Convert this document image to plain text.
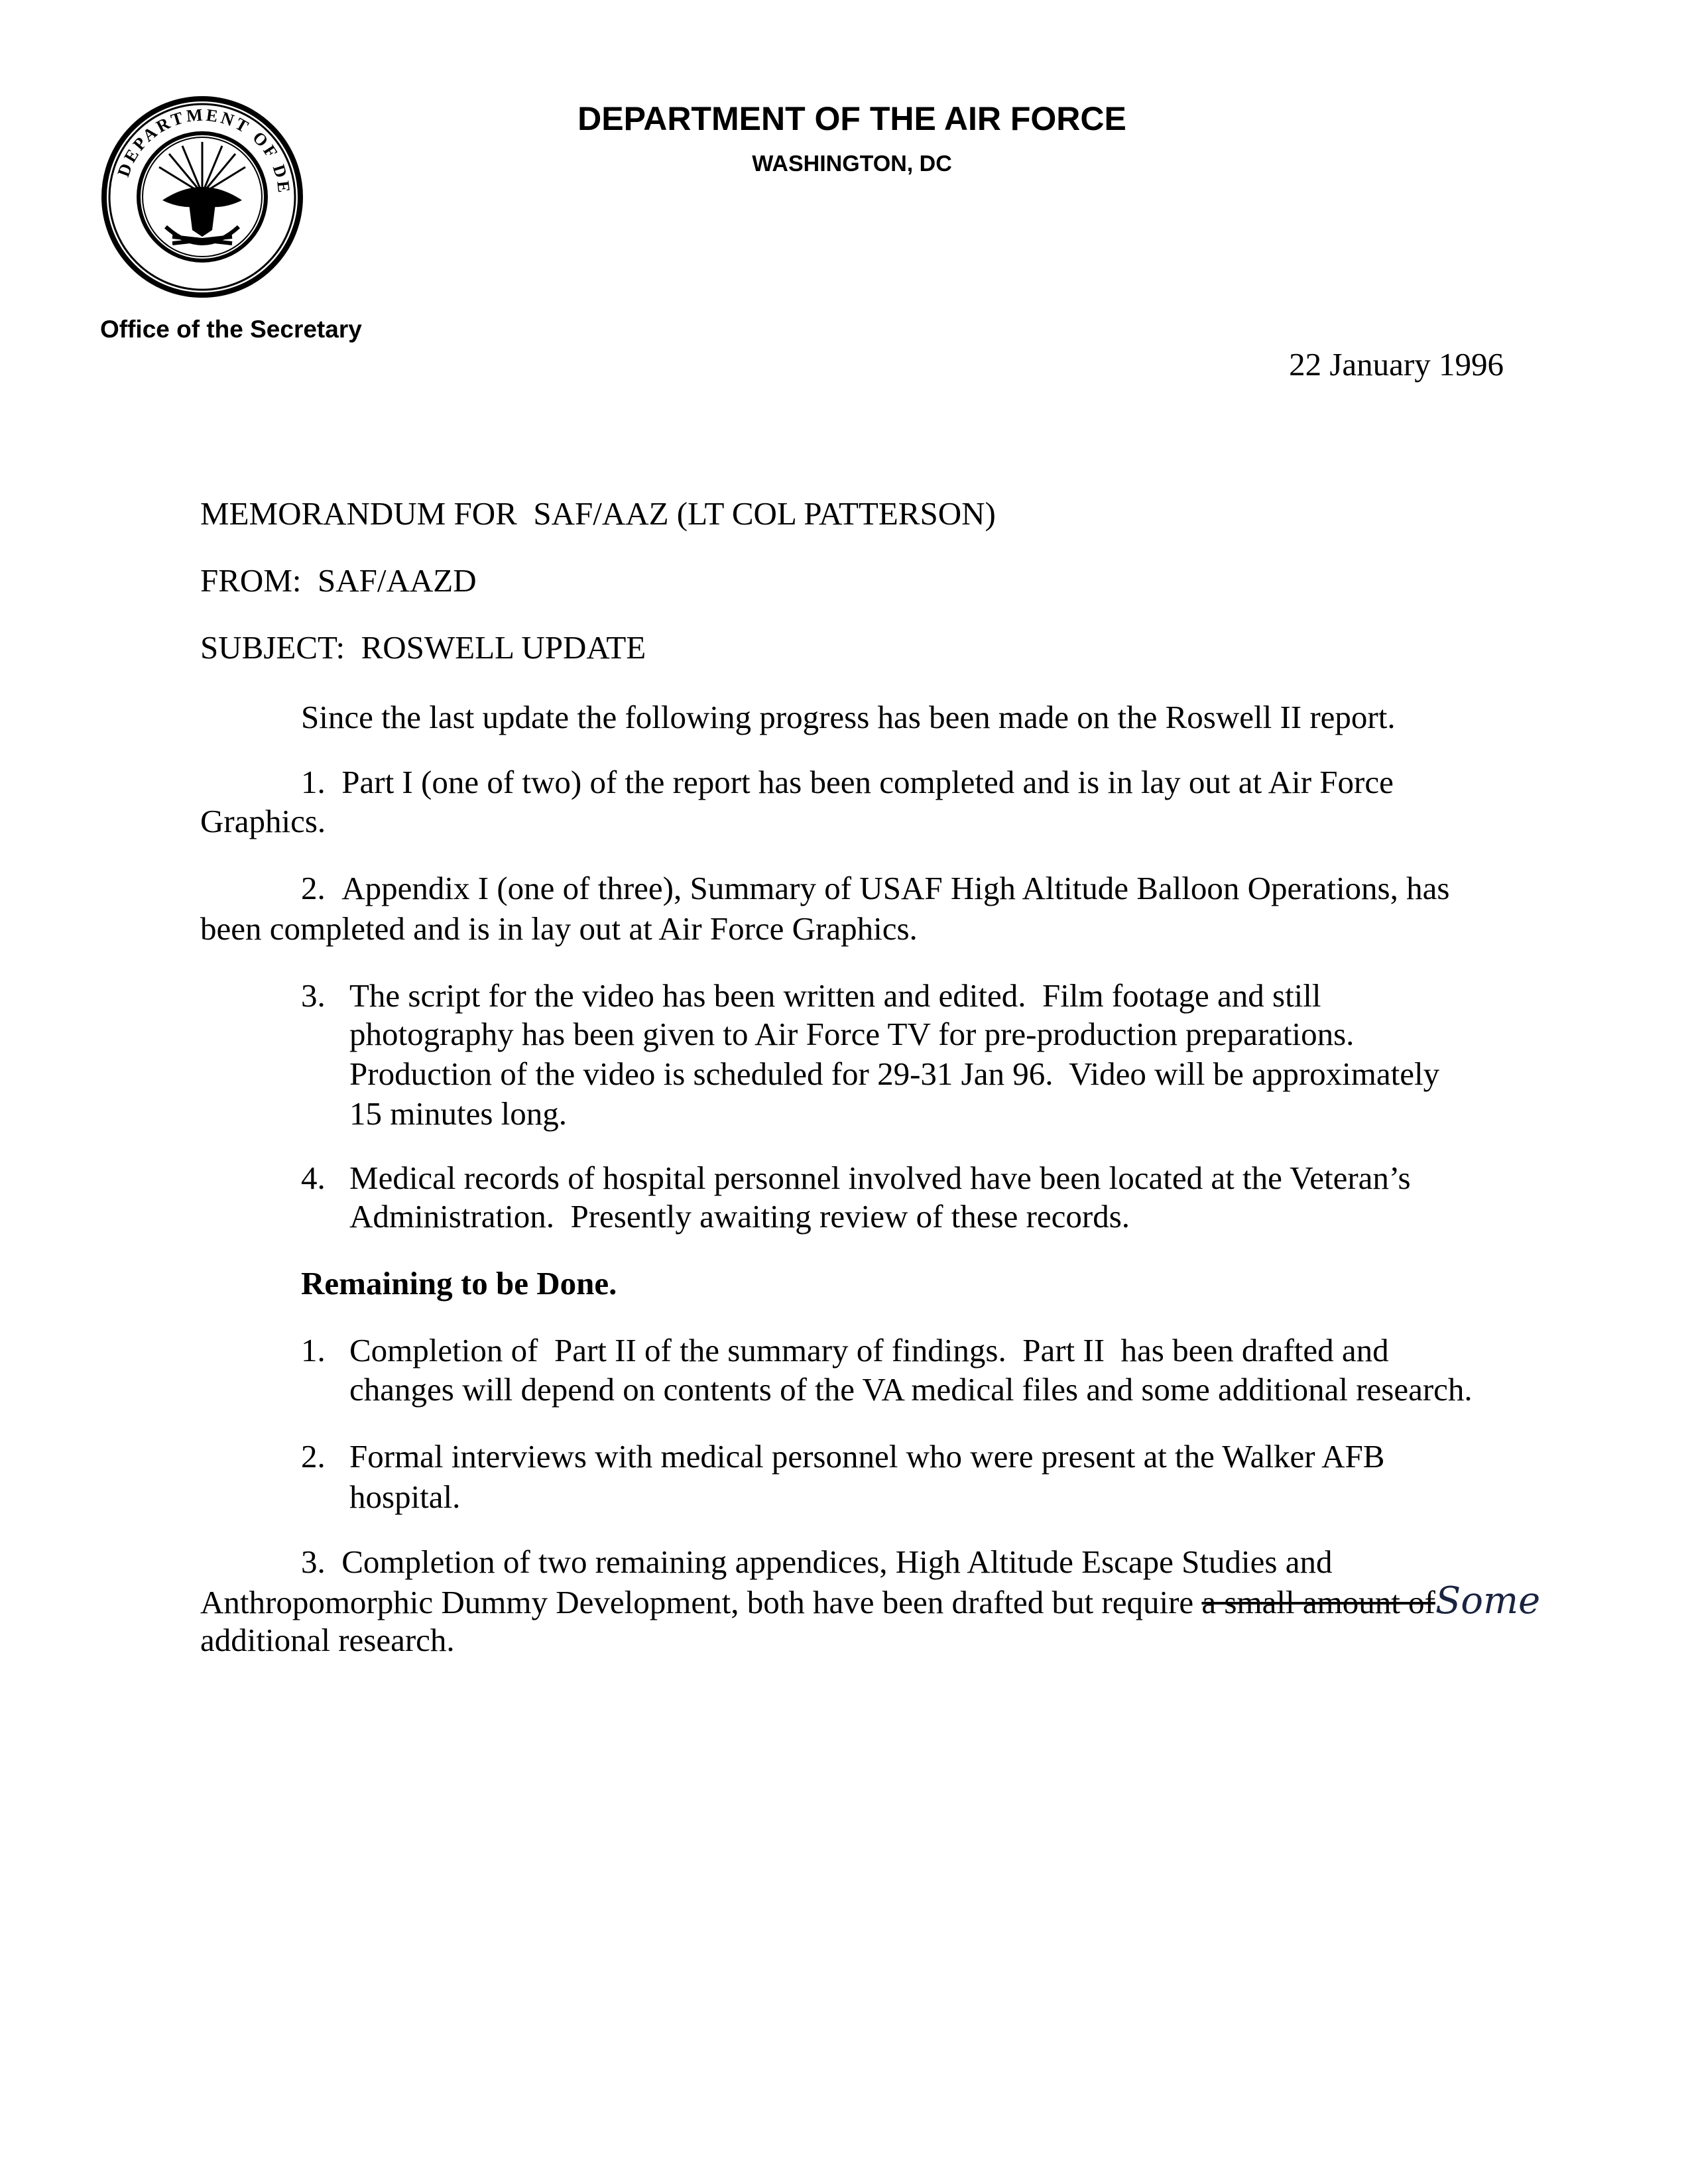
DEPARTMENT OF DE
DEPARTMENT OF THE AIR FORCE
WASHINGTON, DC
Office of the Secretary
22 January 1996
MEMORANDUM FOR  SAF/AAZ (LT COL PATTERSON)
FROM:  SAF/AAZD
SUBJECT:  ROSWELL UPDATE
Since the last update the following progress has been made on the Roswell II report.
1. Part I (one of two) of the report has been completed and is in lay out at Air Force
Graphics.
2. Appendix I (one of three), Summary of USAF High Altitude Balloon Operations, has
been completed and is in lay out at Air Force Graphics.
3. The script for the video has been written and edited.  Film footage and still
photography has been given to Air Force TV for pre-production preparations.
Production of the video is scheduled for 29-31 Jan 96.  Video will be approximately
15 minutes long.
4. Medical records of hospital personnel involved have been located at the Veteran’s
Administration.  Presently awaiting review of these records.
Remaining to be Done.
1. Completion of  Part II of the summary of findings.  Part II  has been drafted and
changes will depend on contents of the VA medical files and some additional research.
2. Formal interviews with medical personnel who were present at the Walker AFB
hospital.
3. Completion of two remaining appendices, High Altitude Escape Studies and
Anthropomorphic Dummy Development, both have been drafted but require a small amount ofSome
additional research.
